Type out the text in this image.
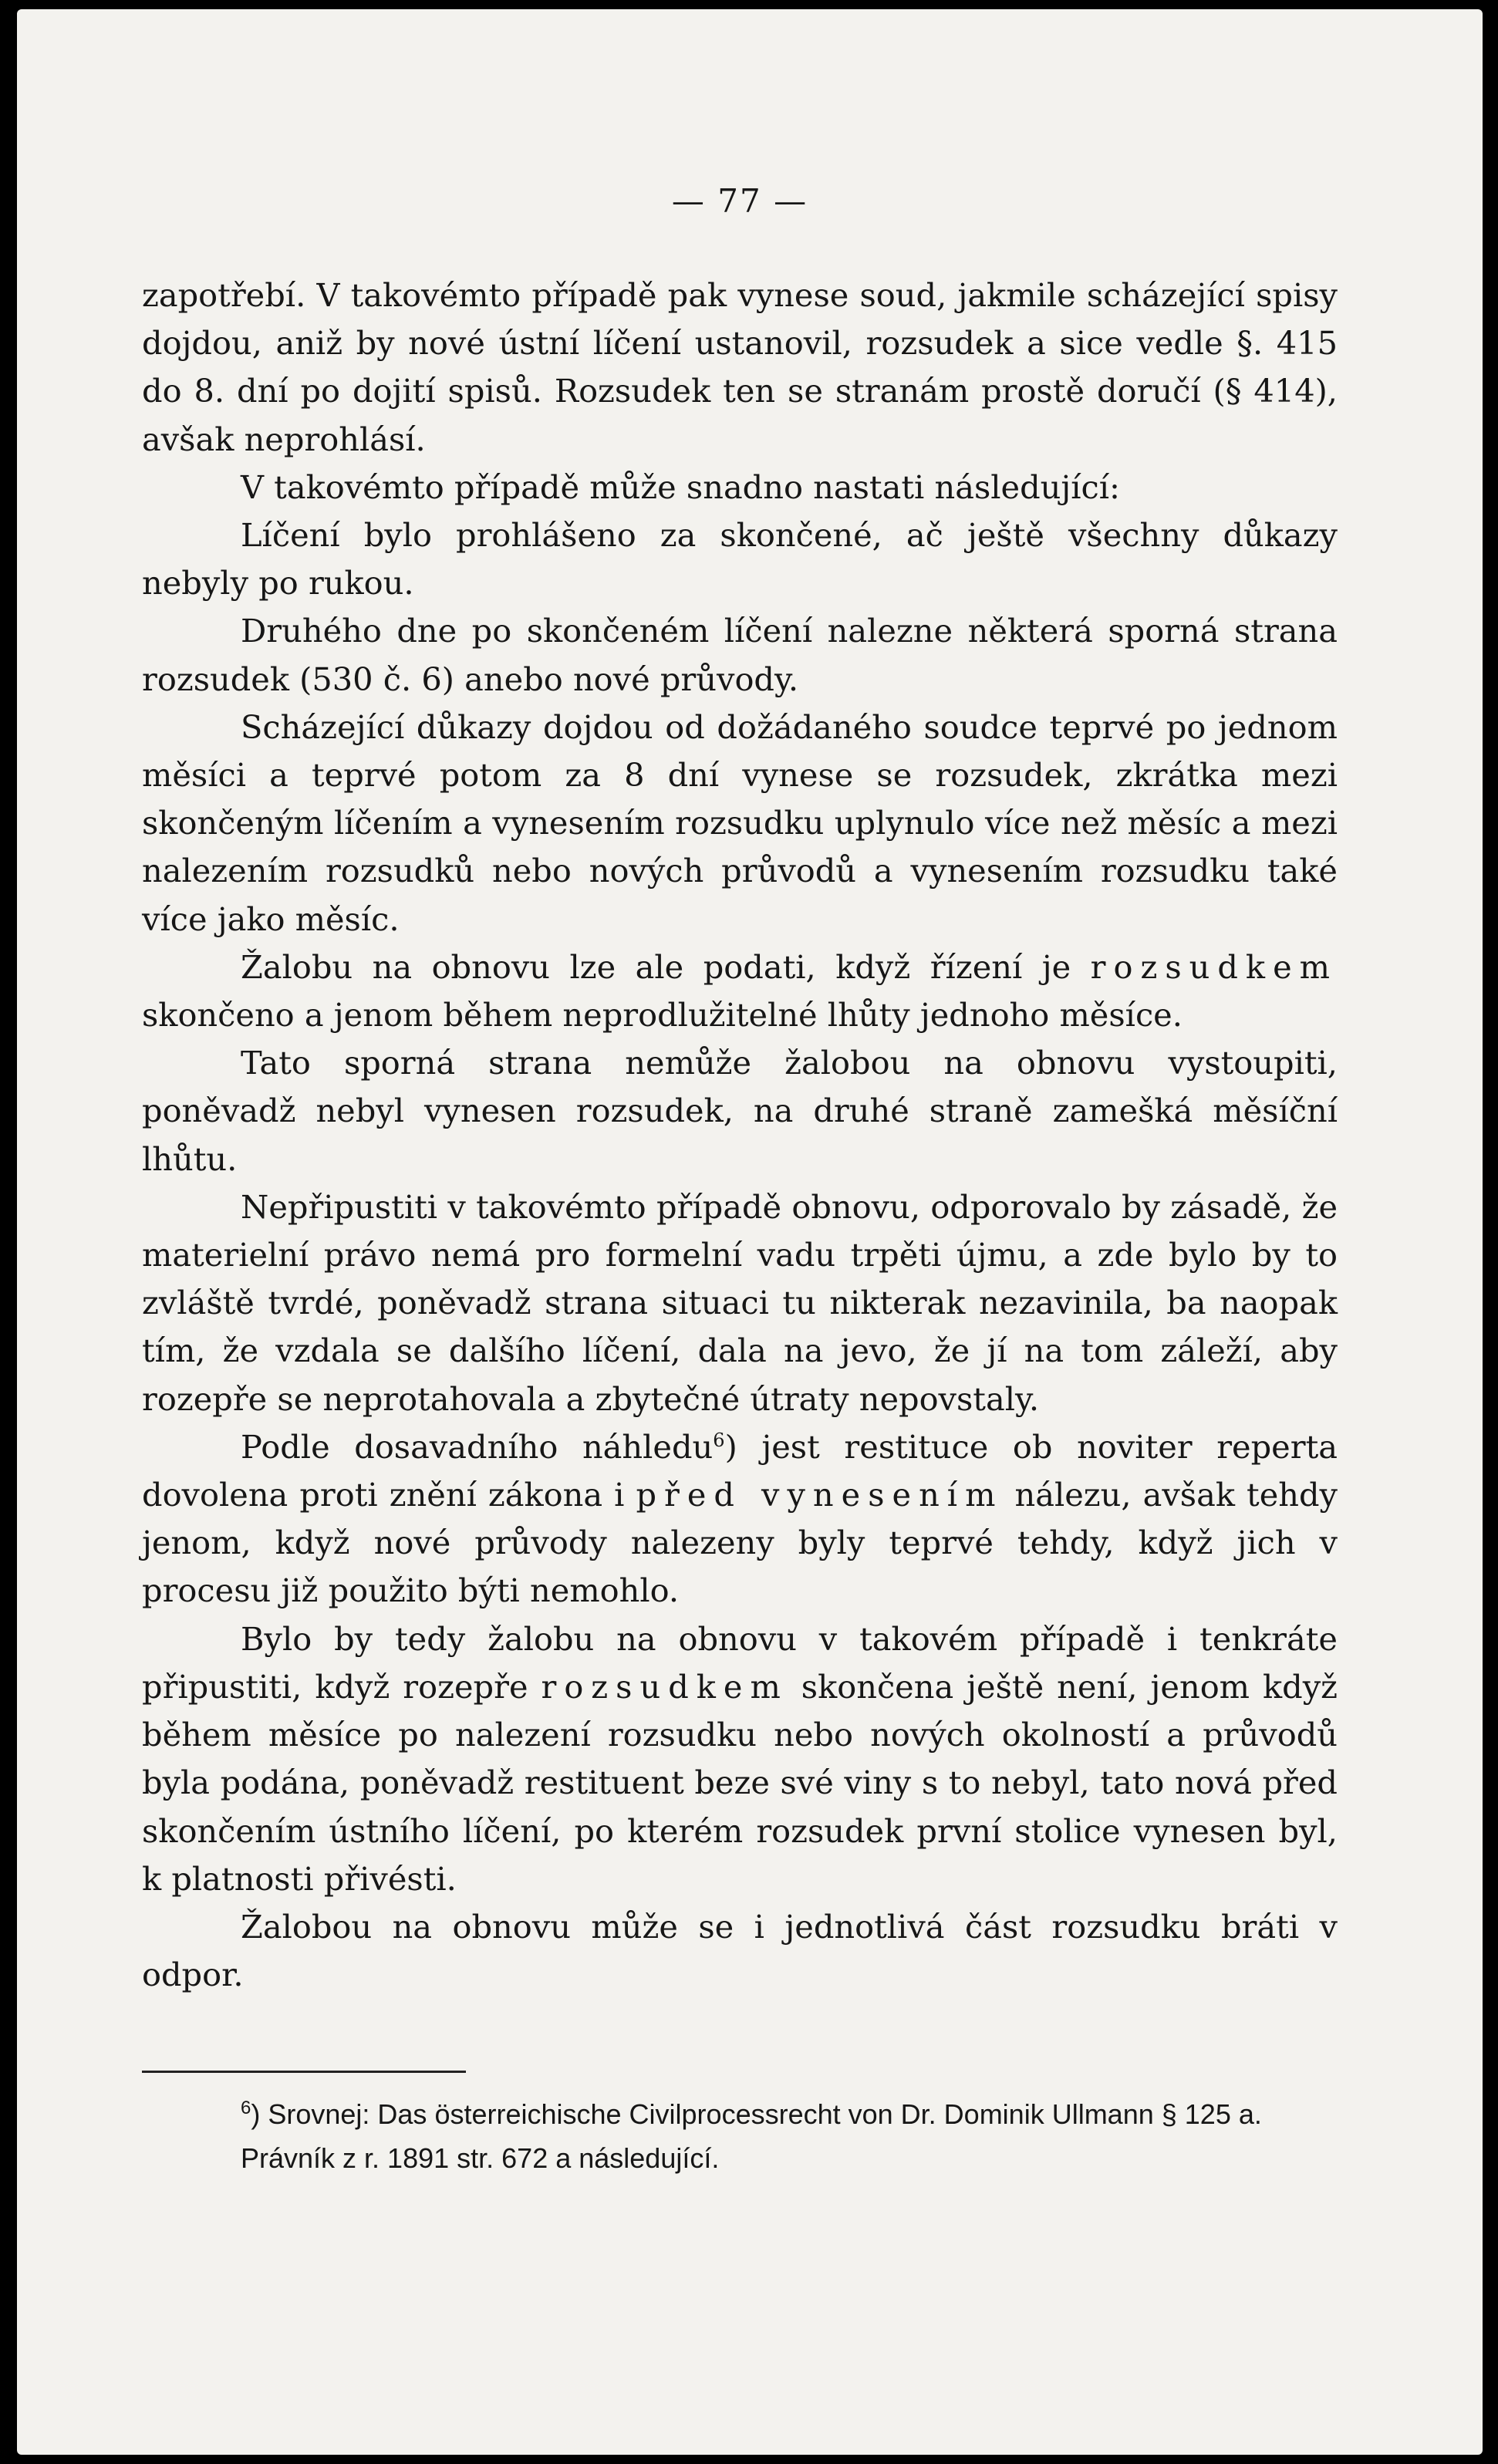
— 77 —

zapotřebí. V takovémto případě pak vynese soud, jakmile scházející spisy dojdou, aniž by nové ústní líčení ustanovil, rozsudek a sice vedle §. 415 do 8. dní po dojití spisů. Rozsudek ten se stranám prostě doručí (§ 414), avšak neprohlásí.

V takovémto případě může snadno nastati následující:

Líčení bylo prohlášeno za skončené, ač ještě všechny důkazy nebyly po rukou.

Druhého dne po skončeném líčení nalezne některá sporná strana rozsudek (530 č. 6) anebo nové průvody.

Scházející důkazy dojdou od dožádaného soudce teprvé po jednom měsíci a teprvé potom za 8 dní vynese se rozsudek, zkrátka mezi skončeným líčením a vynesením rozsudku uplynulo více než měsíc a mezi nalezením rozsudků nebo nových průvodů a vynesením rozsudku také více jako měsíc.

Žalobu na obnovu lze ale podati, když řízení je rozsudkem skončeno a jenom během neprodlužitelné lhůty jednoho měsíce.

Tato sporná strana nemůže žalobou na obnovu vystoupiti, poněvadž nebyl vynesen rozsudek, na druhé straně zamešká měsíční lhůtu.

Nepřipustiti v takovémto případě obnovu, odporovalo by zásadě, že materielní právo nemá pro formelní vadu trpěti újmu, a zde bylo by to zvláště tvrdé, poněvadž strana situaci tu nikterak nezavinila, ba naopak tím, že vzdala se dalšího líčení, dala na jevo, že jí na tom záleží, aby rozepře se neprotahovala a zbytečné útraty nepovstaly.

Podle dosavadního náhledu$^6$) jest restituce ob noviter reperta dovolena proti znění zákona i před vynesením nálezu, avšak tehdy jenom, když nové průvody nalezeny byly teprvé tehdy, když jich v procesu již použito býti nemohlo.

Bylo by tedy žalobu na obnovu v takovém případě i tenkráte připustiti, když rozepře rozsudkem skončena ještě není, jenom když během měsíce po nalezení rozsudku nebo nových okolností a průvodů byla podána, poněvadž restituent beze své viny s to nebyl, tato nová před skončením ústního líčení, po kterém rozsudek první stolice vynesen byl, k platnosti přivésti.

Žalobou na obnovu může se i jednotlivá část rozsudku bráti v odpor.

$^6$) Srovnej: Das österreichische Civilprocessrecht von Dr. Dominik Ullmann § 125 a.

Právník z r. 1891 str. 672 a následující.
